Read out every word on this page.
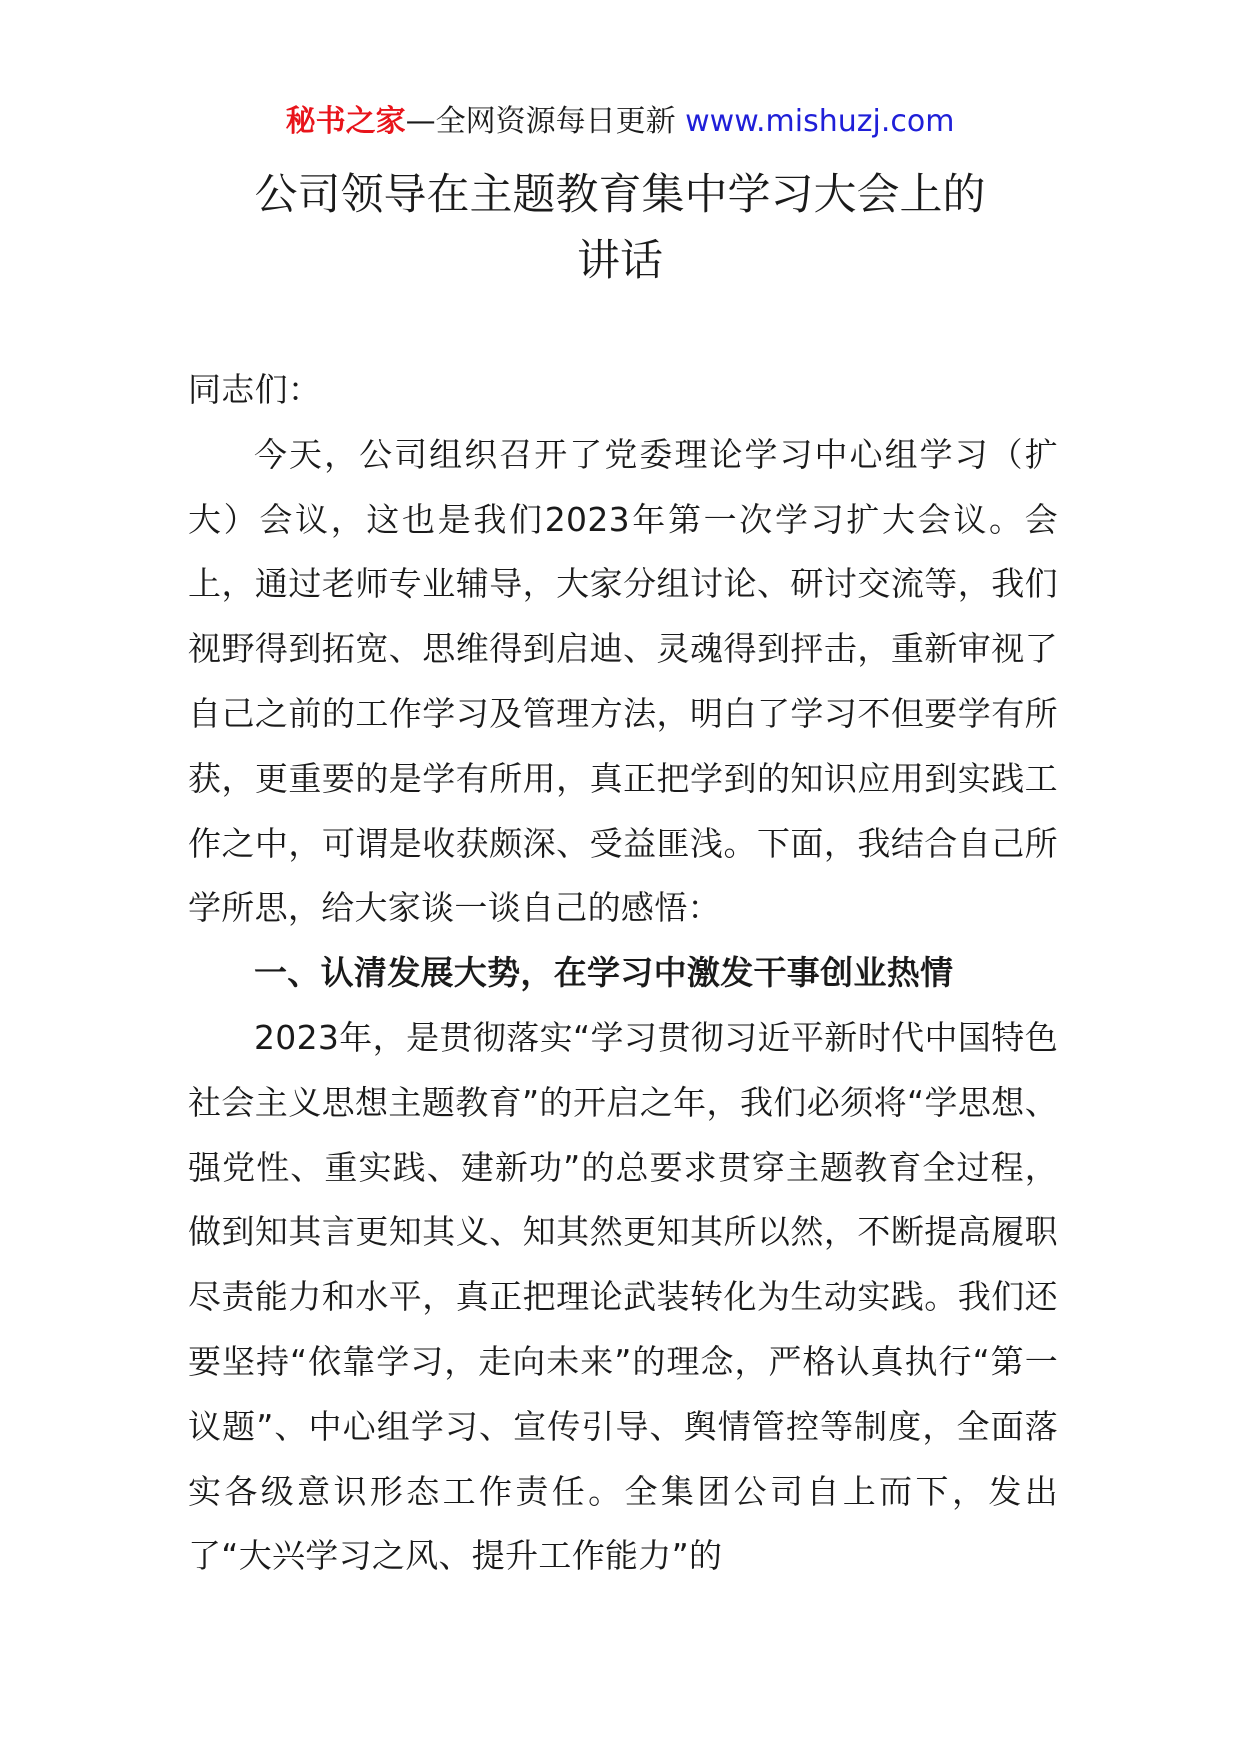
秘书之家—全网资源每日更新 www.mishuzj.com
公司领导在主题教育集中学习大会上的
讲话

同志们：

今天，公司组织召开了党委理论学习中心组学习（扩大）会议，这也是我们2023年第一次学习扩大会议。会上，通过老师专业辅导，大家分组讨论、研讨交流等，我们视野得到拓宽、思维得到启迪、灵魂得到抨击，重新审视了自己之前的工作学习及管理方法，明白了学习不但要学有所获，更重要的是学有所用，真正把学到的知识应用到实践工作之中，可谓是收获颇深、受益匪浅。下面，我结合自己所学所思，给大家谈一谈自己的感悟：

一、认清发展大势，在学习中激发干事创业热情

2023年，是贯彻落实“学习贯彻习近平新时代中国特色社会主义思想主题教育”的开启之年，我们必须将“学思想、强党性、重实践、建新功”的总要求贯穿主题教育全过程，做到知其言更知其义、知其然更知其所以然，不断提高履职尽责能力和水平，真正把理论武装转化为生动实践。我们还要坚持“依靠学习，走向未来”的理念，严格认真执行“第一议题”、中心组学习、宣传引导、舆情管控等制度，全面落实各级意识形态工作责任。全集团公司自上而下，发出了“大兴学习之风、提升工作能力”的
